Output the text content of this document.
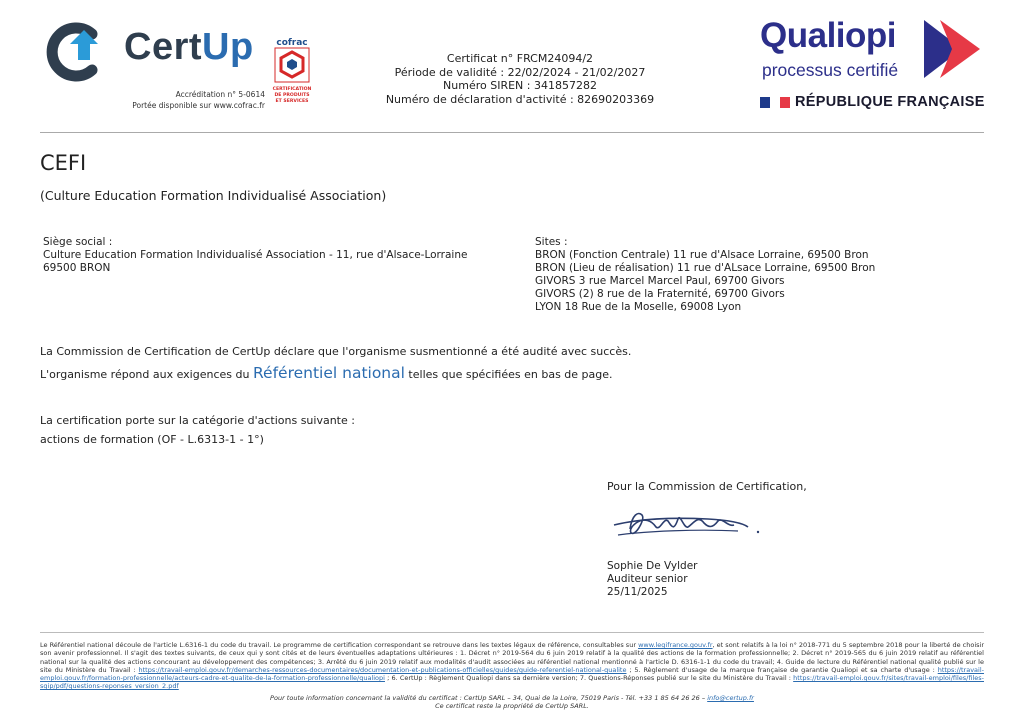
CertUp	cofrac
CERTIFICATION
DE PRODUITS
ET SERVICES
Accréditation n° 5-0614
Portée disponible sur www.cofrac.fr
Certificat n° FRCM24094/2
Période de validité : 22/02/2024 - 21/02/2027
Numéro SIREN : 341857282
Numéro de déclaration d'activité : 82690203369
Qualiopi
processus certifié
RÉPUBLIQUE FRANÇAISE
CEFI
(Culture Education Formation Individualisé Association)
Siège social :
Culture Education Formation Individualisé Association - 11, rue d'Alsace-Lorraine
69500 BRON
Sites :
BRON (Fonction Centrale) 11 rue d'Alsace Lorraine, 69500 Bron
BRON (Lieu de réalisation) 11 rue d'ALsace Lorraine, 69500 Bron
GIVORS 3 rue Marcel Marcel Paul, 69700 Givors
GIVORS (2) 8 rue de la Fraternité, 69700 Givors
LYON 18 Rue de la Moselle, 69008 Lyon
La Commission de Certification de CertUp déclare que l'organisme susmentionné a été audité avec succès.
L'organisme répond aux exigences du Référentiel national telles que spécifiées en bas de page.
La certification porte sur la catégorie d'actions suivante :
actions de formation (OF - L.6313-1 - 1°)
Pour la Commission de Certification,
Sophie De Vylder
Auditeur senior
25/11/2025
Le Référentiel national découle de l'article L.6316-1 du code du travail. Le programme de certification correspondant se retrouve dans les textes légaux de référence, consultables sur www.legifrance.gouv.fr, et sont relatifs à la loi n° 2018-771 du 5 septembre 2018 pour la liberté de choisir son avenir professionnel. Il s'agit des textes suivants, de ceux qui y sont cités et de leurs éventuelles adaptations ultérieures : 1. Décret n° 2019-564 du 6 juin 2019 relatif à la qualité des actions de la formation professionnelle; 2. Décret n° 2019-565 du 6 juin 2019 relatif au référentiel national sur la qualité des actions concourant au développement des compétences; 3. Arrêté du 6 juin 2019 relatif aux modalités d'audit associées au référentiel national mentionné à l'article D. 6316-1-1 du code du travail; 4. Guide de lecture du Référentiel national qualité publié sur le site du Ministère du Travail : https://travail-emploi.gouv.fr/demarches-ressources-documentaires/documentation-et-publications-officielles/guides/guide-referentiel-national-qualite ; 5. Règlement d'usage de la marque française de garantie Qualiopi et sa charte d'usage : https://travail-emploi.gouv.fr/formation-professionnelle/acteurs-cadre-et-qualite-de-la-formation-professionnelle/qualiopi ; 6. CertUp : Règlement Qualiopi dans sa dernière version; 7. Questions-Réponses publié sur le site du Ministère du Travail : https://travail-emploi.gouv.fr/sites/travail-emploi/files/files-sgip/pdf/questions-reponses_version_2.pdf
Pour toute information concernant la validité du certificat : CertUp SARL – 34, Quai de la Loire, 75019 Paris - Tél. +33 1 85 64 26 26 – info@certup.fr
Ce certificat reste la propriété de CertUp SARL.
